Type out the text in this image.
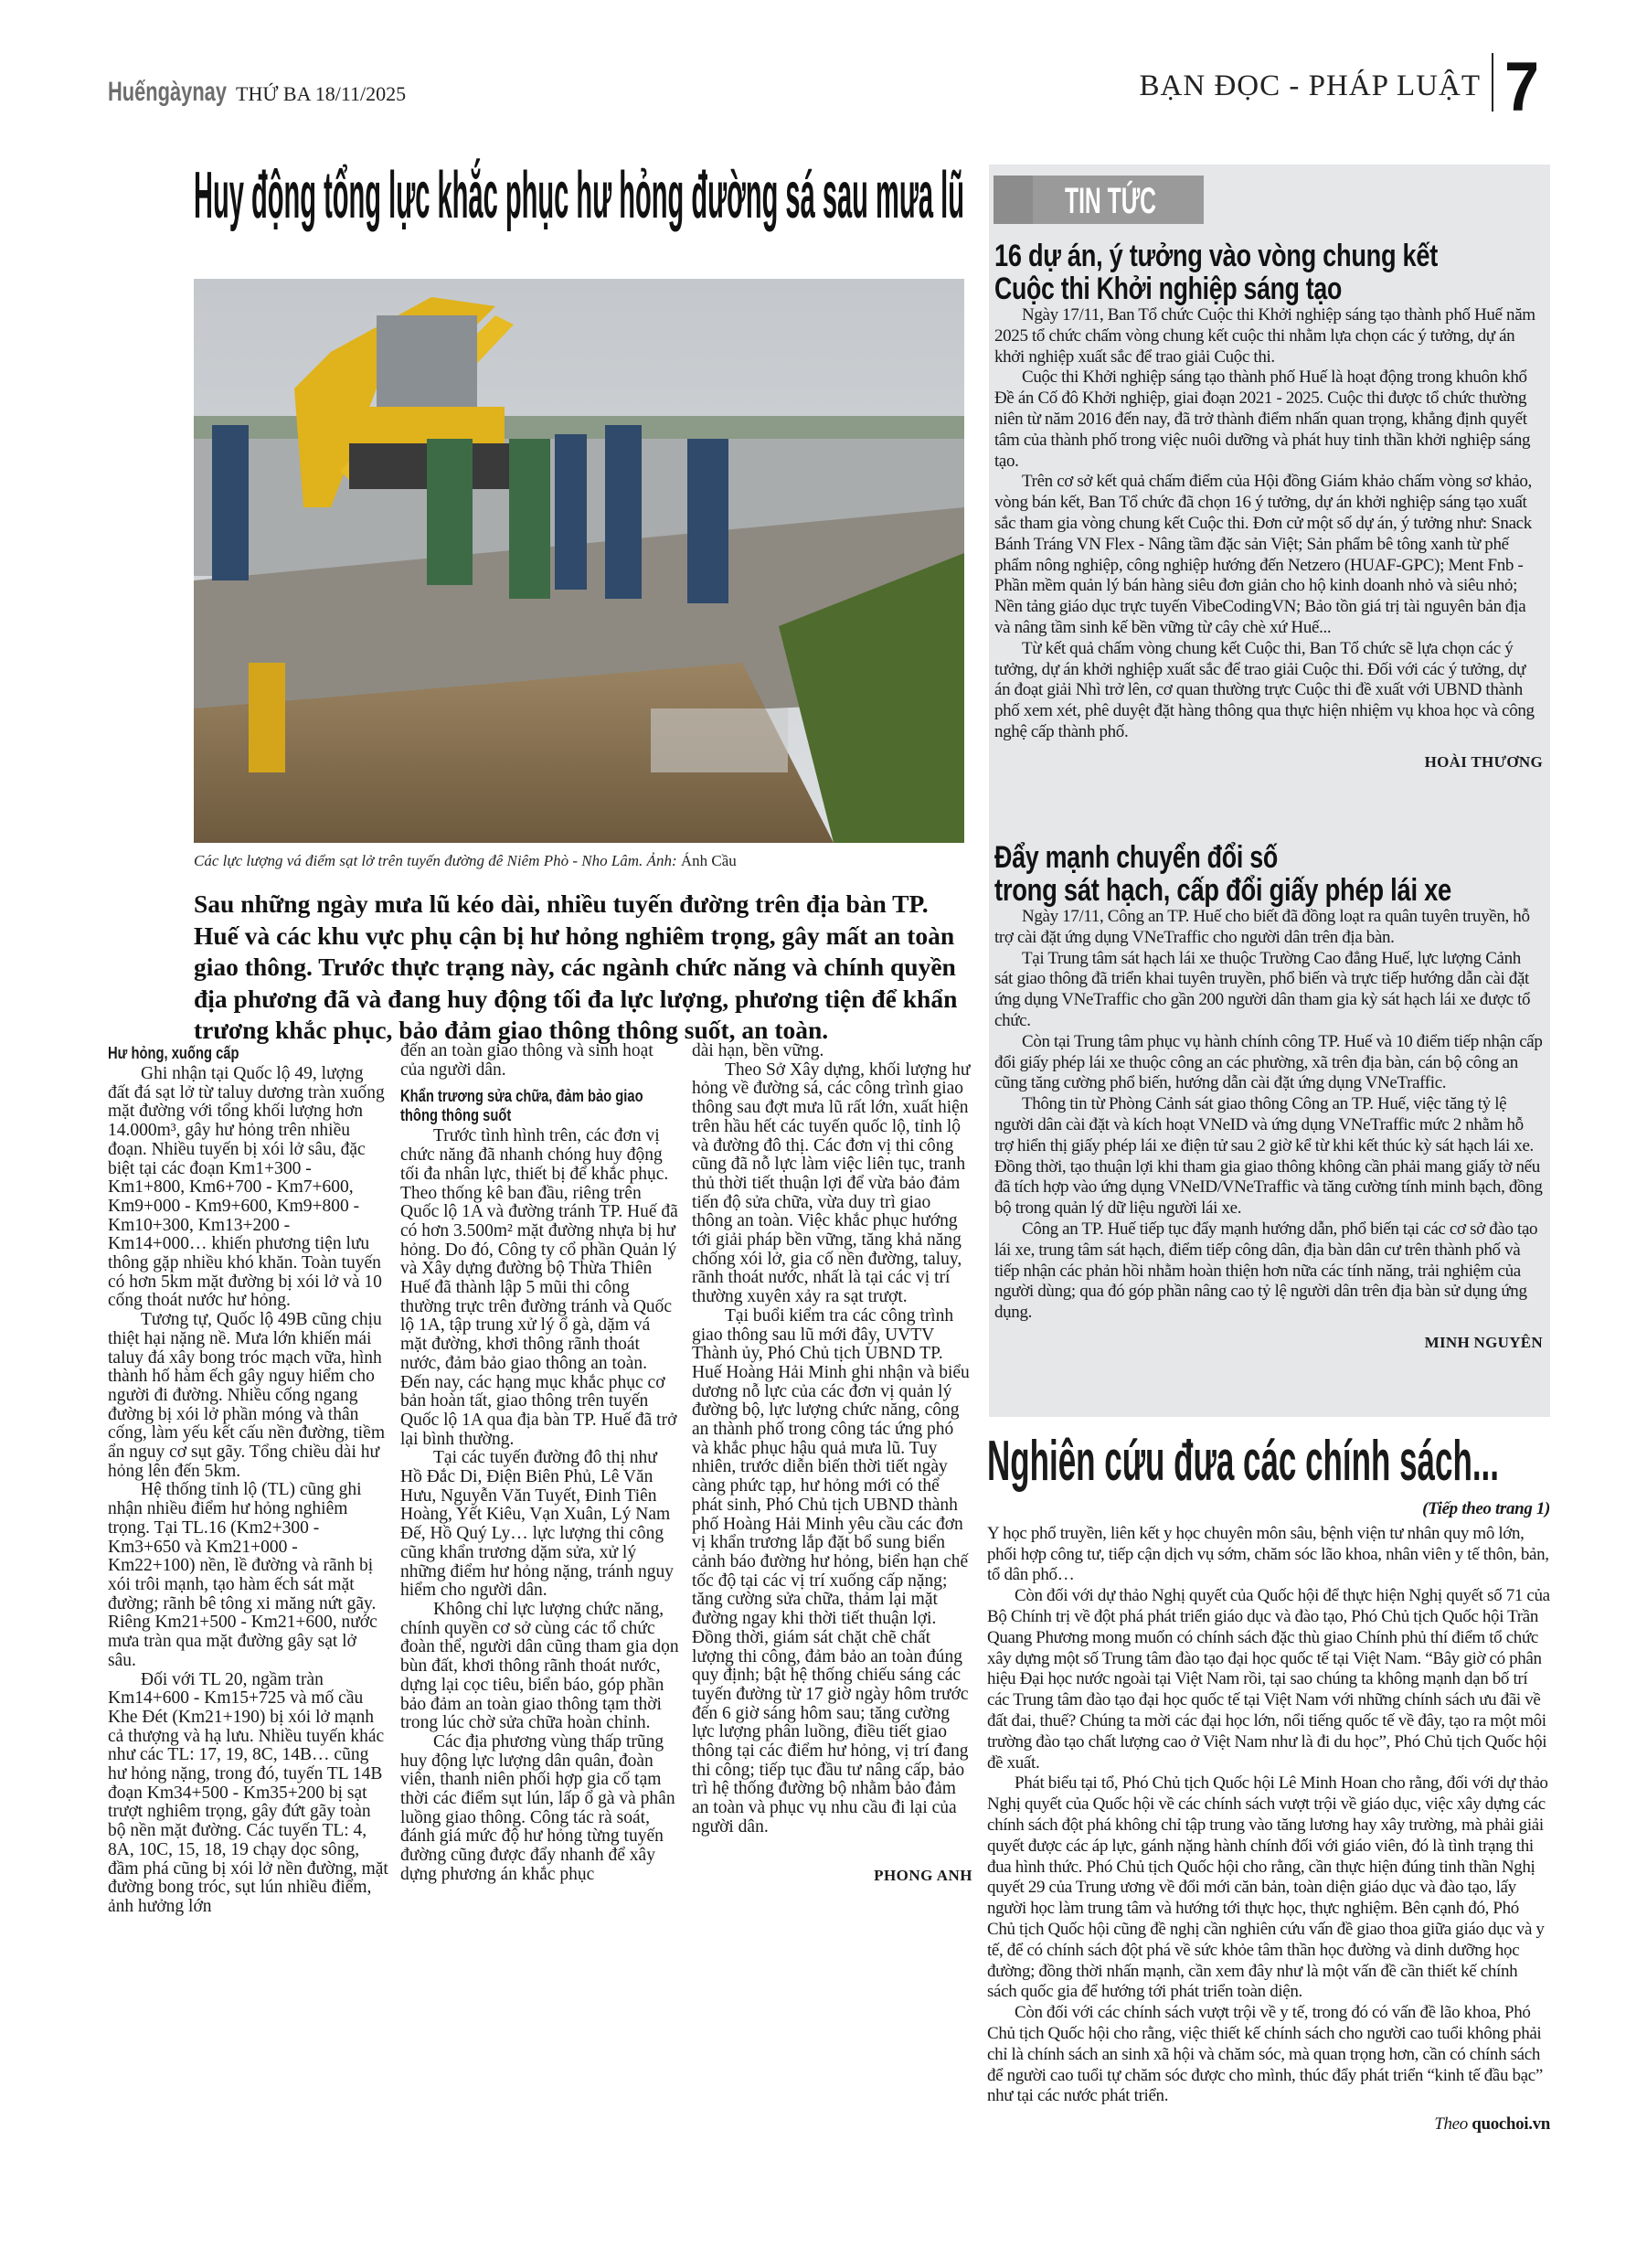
Huếngàynay THỨ BA 18/11/2025	BẠN ĐỌC - PHÁP LUẬT 7
Huy động tổng lực khắc phục hư hỏng đường sá sau mưa lũ
Các lực lượng vá điểm sạt lở trên tuyến đường đê Niêm Phò - Nho Lâm. Ảnh: Ánh Cầu
Sau những ngày mưa lũ kéo dài, nhiều tuyến đường trên địa bàn TP. Huế và các khu vực phụ cận bị hư hỏng nghiêm trọng, gây mất an toàn giao thông. Trước thực trạng này, các ngành chức năng và chính quyền địa phương đã và đang huy động tối đa lực lượng, phương tiện để khẩn trương khắc phục, bảo đảm giao thông thông suốt, an toàn.
Hư hỏng, xuống cấp

Ghi nhận tại Quốc lộ 49, lượng đất đá sạt lở từ taluy dương tràn xuống mặt đường với tổng khối lượng hơn 14.000m³, gây hư hỏng trên nhiều đoạn. Nhiều tuyến bị xói lở sâu, đặc biệt tại các đoạn Km1+300 - Km1+800, Km6+700 - Km7+600, Km9+000 - Km9+600, Km9+800 - Km10+300, Km13+200 - Km14+000… khiến phương tiện lưu thông gặp nhiều khó khăn. Toàn tuyến có hơn 5km mặt đường bị xói lở và 10 cống thoát nước hư hỏng.

Tương tự, Quốc lộ 49B cũng chịu thiệt hại nặng nề. Mưa lớn khiến mái taluy đá xây bong tróc mạch vữa, hình thành hố hàm ếch gây nguy hiểm cho người đi đường. Nhiều cống ngang đường bị xói lở phần móng và thân cống, làm yếu kết cấu nền đường, tiềm ẩn nguy cơ sụt gãy. Tổng chiều dài hư hỏng lên đến 5km.

Hệ thống tỉnh lộ (TL) cũng ghi nhận nhiều điểm hư hỏng nghiêm trọng. Tại TL.16 (Km2+300 - Km3+650 và Km21+000 - Km22+100) nền, lề đường và rãnh bị xói trôi mạnh, tạo hàm ếch sát mặt đường; rãnh bê tông xi măng nứt gãy. Riêng Km21+500 - Km21+600, nước mưa tràn qua mặt đường gây sạt lở sâu.

Đối với TL 20, ngầm tràn Km14+600 - Km15+725 và mố cầu Khe Đét (Km21+190) bị xói lở mạnh cả thượng và hạ lưu. Nhiều tuyến khác như các TL: 17, 19, 8C, 14B… cũng hư hỏng nặng, trong đó, tuyến TL 14B đoạn Km34+500 - Km35+200 bị sạt trượt nghiêm trọng, gây đứt gãy toàn bộ nền mặt đường. Các tuyến TL: 4, 8A, 10C, 15, 18, 19 chạy dọc sông, đầm phá cũng bị xói lở nền đường, mặt đường bong tróc, sụt lún nhiều điểm, ảnh hưởng lớn

đến an toàn giao thông và sinh hoạt của người dân.

Khẩn trương sửa chữa, đảm bảo giao thông thông suốt

Trước tình hình trên, các đơn vị chức năng đã nhanh chóng huy động tối đa nhân lực, thiết bị để khắc phục. Theo thống kê ban đầu, riêng trên Quốc lộ 1A và đường tránh TP. Huế đã có hơn 3.500m² mặt đường nhựa bị hư hỏng. Do đó, Công ty cổ phần Quản lý và Xây dựng đường bộ Thừa Thiên Huế đã thành lập 5 mũi thi công thường trực trên đường tránh và Quốc lộ 1A, tập trung xử lý ổ gà, dặm vá mặt đường, khơi thông rãnh thoát nước, đảm bảo giao thông an toàn. Đến nay, các hạng mục khắc phục cơ bản hoàn tất, giao thông trên tuyến Quốc lộ 1A qua địa bàn TP. Huế đã trở lại bình thường.

Tại các tuyến đường đô thị như Hồ Đắc Di, Điện Biên Phủ, Lê Văn Hưu, Nguyễn Văn Tuyết, Đinh Tiên Hoàng, Yết Kiêu, Vạn Xuân, Lý Nam Đế, Hồ Quý Ly… lực lượng thi công cũng khẩn trương dặm sửa, xử lý những điểm hư hỏng nặng, tránh nguy hiểm cho người dân.

Không chỉ lực lượng chức năng, chính quyền cơ sở cùng các tổ chức đoàn thể, người dân cũng tham gia dọn bùn đất, khơi thông rãnh thoát nước, dựng lại cọc tiêu, biển báo, góp phần bảo đảm an toàn giao thông tạm thời trong lúc chờ sửa chữa hoàn chỉnh.

Các địa phương vùng thấp trũng huy động lực lượng dân quân, đoàn viên, thanh niên phối hợp gia cố tạm thời các điểm sụt lún, lấp ổ gà và phân luồng giao thông. Công tác rà soát, đánh giá mức độ hư hỏng từng tuyến đường cũng được đẩy nhanh để xây dựng phương án khắc phục

dài hạn, bền vững.

Theo Sở Xây dựng, khối lượng hư hỏng về đường sá, các công trình giao thông sau đợt mưa lũ rất lớn, xuất hiện trên hầu hết các tuyến quốc lộ, tỉnh lộ và đường đô thị. Các đơn vị thi công cũng đã nỗ lực làm việc liên tục, tranh thủ thời tiết thuận lợi để vừa bảo đảm tiến độ sửa chữa, vừa duy trì giao thông an toàn. Việc khắc phục hướng tới giải pháp bền vững, tăng khả năng chống xói lở, gia cố nền đường, taluy, rãnh thoát nước, nhất là tại các vị trí thường xuyên xảy ra sạt trượt.

Tại buổi kiểm tra các công trình giao thông sau lũ mới đây, UVTV Thành ủy, Phó Chủ tịch UBND TP. Huế Hoàng Hải Minh ghi nhận và biểu dương nỗ lực của các đơn vị quản lý đường bộ, lực lượng chức năng, công an thành phố trong công tác ứng phó và khắc phục hậu quả mưa lũ. Tuy nhiên, trước diễn biến thời tiết ngày càng phức tạp, hư hỏng mới có thể phát sinh, Phó Chủ tịch UBND thành phố Hoàng Hải Minh yêu cầu các đơn vị khẩn trương lắp đặt bổ sung biển cảnh báo đường hư hỏng, biển hạn chế tốc độ tại các vị trí xuống cấp nặng; tăng cường sửa chữa, thảm lại mặt đường ngay khi thời tiết thuận lợi. Đồng thời, giám sát chặt chẽ chất lượng thi công, đảm bảo an toàn đúng quy định; bật hệ thống chiếu sáng các tuyến đường từ 17 giờ ngày hôm trước đến 6 giờ sáng hôm sau; tăng cường lực lượng phân luồng, điều tiết giao thông tại các điểm hư hỏng, vị trí đang thi công; tiếp tục đầu tư nâng cấp, bảo trì hệ thống đường bộ nhằm bảo đảm an toàn và phục vụ nhu cầu đi lại của người dân.

PHONG ANH
TIN TỨC
16 dự án, ý tưởng vào vòng chung kết
Cuộc thi Khởi nghiệp sáng tạo

Ngày 17/11, Ban Tổ chức Cuộc thi Khởi nghiệp sáng tạo thành phố Huế năm 2025 tổ chức chấm vòng chung kết cuộc thi nhằm lựa chọn các ý tưởng, dự án khởi nghiệp xuất sắc để trao giải Cuộc thi.

Cuộc thi Khởi nghiệp sáng tạo thành phố Huế là hoạt động trong khuôn khổ Đề án Cố đô Khởi nghiệp, giai đoạn 2021 - 2025. Cuộc thi được tổ chức thường niên từ năm 2016 đến nay, đã trở thành điểm nhấn quan trọng, khẳng định quyết tâm của thành phố trong việc nuôi dưỡng và phát huy tinh thần khởi nghiệp sáng tạo.

Trên cơ sở kết quả chấm điểm của Hội đồng Giám khảo chấm vòng sơ khảo, vòng bán kết, Ban Tổ chức đã chọn 16 ý tưởng, dự án khởi nghiệp sáng tạo xuất sắc tham gia vòng chung kết Cuộc thi. Đơn cử một số dự án, ý tưởng như: Snack Bánh Tráng VN Flex - Nâng tầm đặc sản Việt; Sản phẩm bê tông xanh từ phế phẩm nông nghiệp, công nghiệp hướng đến Netzero (HUAF-GPC); Ment Fnb - Phần mềm quản lý bán hàng siêu đơn giản cho hộ kinh doanh nhỏ và siêu nhỏ; Nền tảng giáo dục trực tuyến VibeCodingVN; Bảo tồn giá trị tài nguyên bản địa và nâng tầm sinh kế bền vững từ cây chè xứ Huế...

Từ kết quả chấm vòng chung kết Cuộc thi, Ban Tổ chức sẽ lựa chọn các ý tưởng, dự án khởi nghiệp xuất sắc để trao giải Cuộc thi. Đối với các ý tưởng, dự án đoạt giải Nhì trở lên, cơ quan thường trực Cuộc thi đề xuất với UBND thành phố xem xét, phê duyệt đặt hàng thông qua thực hiện nhiệm vụ khoa học và công nghệ cấp thành phố.

HOÀI THƯƠNG
Đẩy mạnh chuyển đổi số
trong sát hạch, cấp đổi giấy phép lái xe

Ngày 17/11, Công an TP. Huế cho biết đã đồng loạt ra quân tuyên truyền, hỗ trợ cài đặt ứng dụng VNeTraffic cho người dân trên địa bàn.

Tại Trung tâm sát hạch lái xe thuộc Trường Cao đẳng Huế, lực lượng Cảnh sát giao thông đã triển khai tuyên truyền, phổ biến và trực tiếp hướng dẫn cài đặt ứng dụng VNeTraffic cho gần 200 người dân tham gia kỳ sát hạch lái xe được tổ chức.

Còn tại Trung tâm phục vụ hành chính công TP. Huế và 10 điểm tiếp nhận cấp đổi giấy phép lái xe thuộc công an các phường, xã trên địa bàn, cán bộ công an cũng tăng cường phổ biến, hướng dẫn cài đặt ứng dụng VNeTraffic.

Thông tin từ Phòng Cảnh sát giao thông Công an TP. Huế, việc tăng tỷ lệ người dân cài đặt và kích hoạt VNeID và ứng dụng VNeTraffic mức 2 nhằm hỗ trợ hiển thị giấy phép lái xe điện tử sau 2 giờ kể từ khi kết thúc kỳ sát hạch lái xe. Đồng thời, tạo thuận lợi khi tham gia giao thông không cần phải mang giấy tờ nếu đã tích hợp vào ứng dụng VNeID/VNeTraffic và tăng cường tính minh bạch, đồng bộ trong quản lý dữ liệu người lái xe.

Công an TP. Huế tiếp tục đẩy mạnh hướng dẫn, phổ biến tại các cơ sở đào tạo lái xe, trung tâm sát hạch, điểm tiếp công dân, địa bàn dân cư trên thành phố và tiếp nhận các phản hồi nhằm hoàn thiện hơn nữa các tính năng, trải nghiệm của người dùng; qua đó góp phần nâng cao tỷ lệ người dân trên địa bàn sử dụng ứng dụng.

MINH NGUYÊN
Nghiên cứu đưa các chính sách...
(Tiếp theo trang 1)

Y học phổ truyền, liên kết y học chuyên môn sâu, bệnh viện tư nhân quy mô lớn, phối hợp công tư, tiếp cận dịch vụ sớm, chăm sóc lão khoa, nhân viên y tế thôn, bản, tổ dân phố…

Còn đối với dự thảo Nghị quyết của Quốc hội để thực hiện Nghị quyết số 71 của Bộ Chính trị về đột phá phát triển giáo dục và đào tạo, Phó Chủ tịch Quốc hội Trần Quang Phương mong muốn có chính sách đặc thù giao Chính phủ thí điểm tổ chức xây dựng một số Trung tâm đào tạo đại học quốc tế tại Việt Nam. “Bây giờ có phân hiệu Đại học nước ngoài tại Việt Nam rồi, tại sao chúng ta không mạnh dạn bố trí các Trung tâm đào tạo đại học quốc tế tại Việt Nam với những chính sách ưu đãi về đất đai, thuế? Chúng ta mời các đại học lớn, nổi tiếng quốc tế về đây, tạo ra một môi trường đào tạo chất lượng cao ở Việt Nam như là đi du học”, Phó Chủ tịch Quốc hội đề xuất.

Phát biểu tại tổ, Phó Chủ tịch Quốc hội Lê Minh Hoan cho rằng, đối với dự thảo Nghị quyết của Quốc hội về các chính sách vượt trội về giáo dục, việc xây dựng các chính sách đột phá không chỉ tập trung vào tăng lương hay xây trường, mà phải giải quyết được các áp lực, gánh nặng hành chính đối với giáo viên, đó là tình trạng thi đua hình thức. Phó Chủ tịch Quốc hội cho rằng, cần thực hiện đúng tinh thần Nghị quyết 29 của Trung ương về đổi mới căn bản, toàn diện giáo dục và đào tạo, lấy người học làm trung tâm và hướng tới thực học, thực nghiệm. Bên cạnh đó, Phó Chủ tịch Quốc hội cũng đề nghị cần nghiên cứu vấn đề giao thoa giữa giáo dục và y tế, để có chính sách đột phá về sức khỏe tâm thần học đường và dinh dưỡng học đường; đồng thời nhấn mạnh, cần xem đây như là một vấn đề cần thiết kế chính sách quốc gia để hướng tới phát triển toàn diện.

Còn đối với các chính sách vượt trội về y tế, trong đó có vấn đề lão khoa, Phó Chủ tịch Quốc hội cho rằng, việc thiết kế chính sách cho người cao tuổi không phải chỉ là chính sách an sinh xã hội và chăm sóc, mà quan trọng hơn, cần có chính sách để người cao tuổi tự chăm sóc được cho mình, thúc đẩy phát triển “kinh tế đầu bạc” như tại các nước phát triển.

Theo quochoi.vn
